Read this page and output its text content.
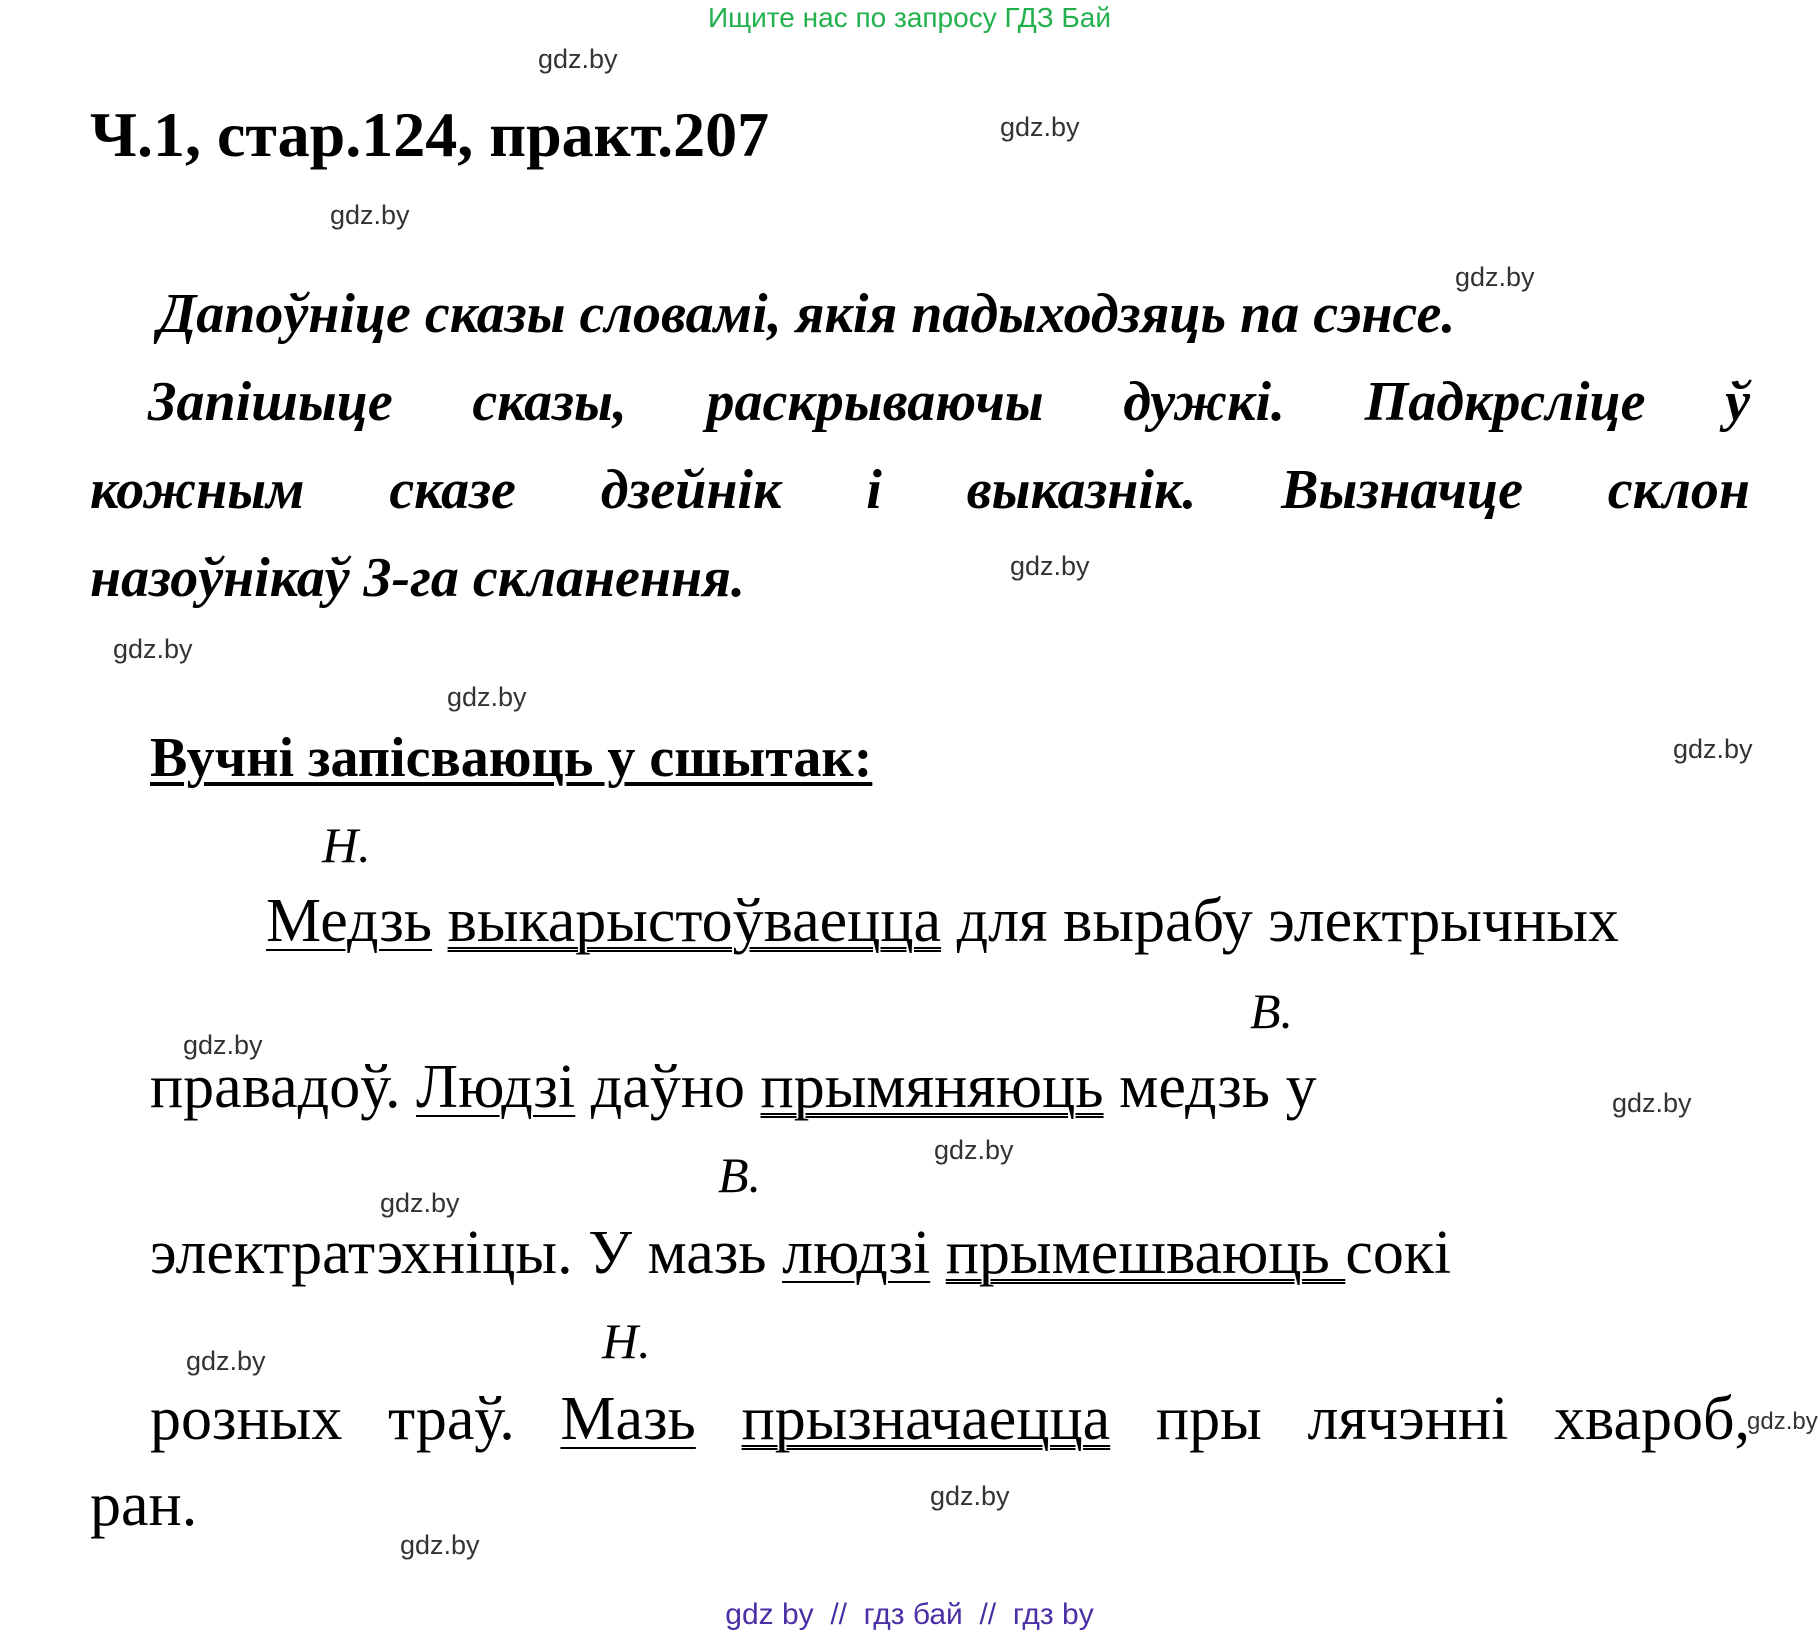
Ищите нас по запросу ГДЗ Бай
gdz.by
gdz.by
gdz.by
gdz.by
gdz.by
gdz.by
gdz.by
gdz.by
gdz.by
gdz.by
gdz.by
gdz.by
gdz.by
gdz.by
gdz.by
gdz.by
Ч.1, стар.124, практ.207
Дапоўніце сказы словамі, якія падыходзяць па сэнсе.
Запішыце сказы, раскрываючы дужкі. Падкрсліце ў
кожным сказе дзейнік і выказнік. Вызначце склон
назоўнікаў 3-га скланення.
Вучні запісваюць у сшытак:
Н.
В.
В.
Н.
Медзь выкарыстоўваецца для вырабу электрычных
правадоў. Людзі даўно прымяняюць медзь у
электратэхніцы. У мазь людзі прымешваюць сокі
розных траў. Мазь прызначаецца пры лячэнні хвароб,
ран.
gdz by  //  гдз бай  //  гдз by
